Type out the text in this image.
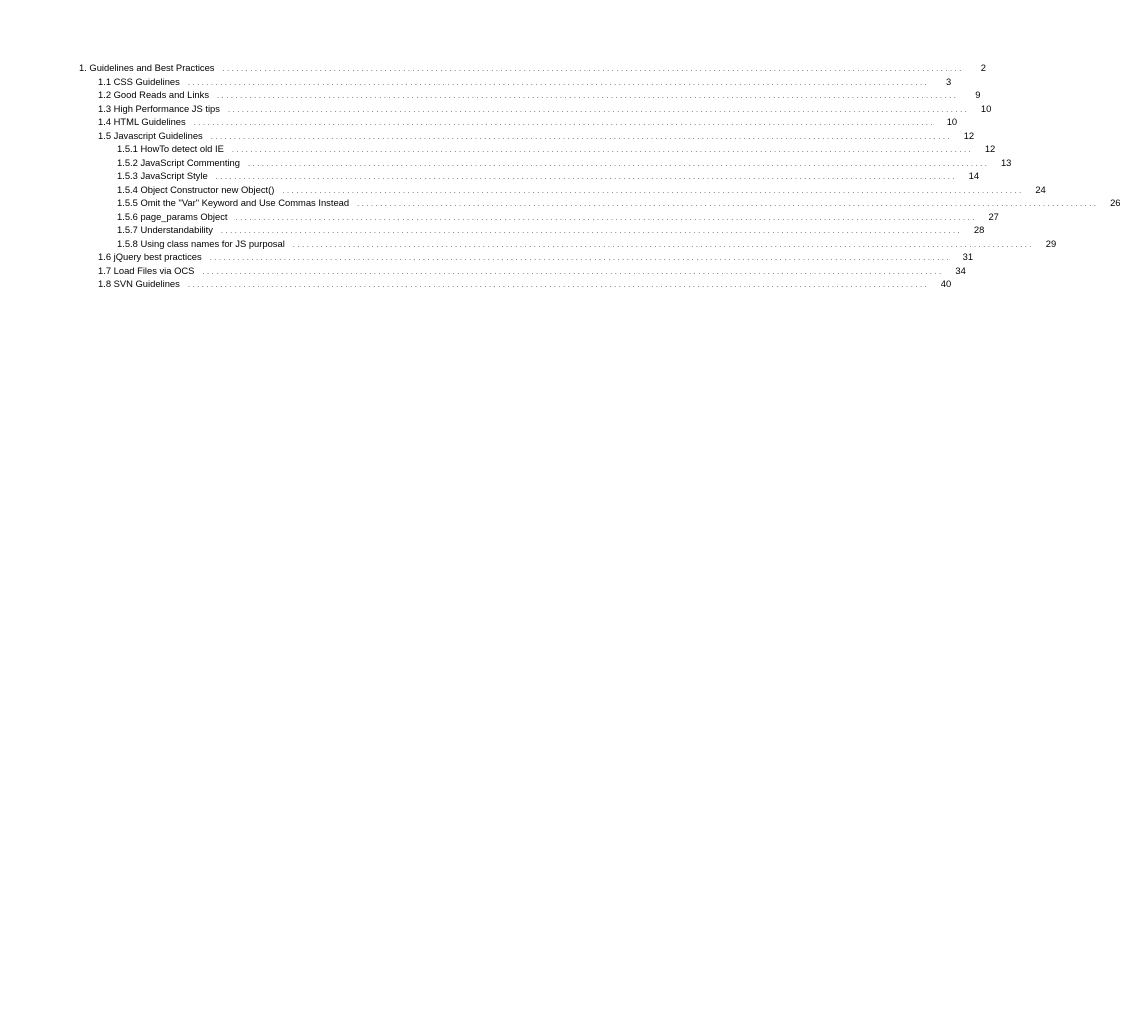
1. Guidelines and Best Practices	................................................................................................................................................................	2
1.1 CSS Guidelines	................................................................................................................................................................	3
1.2 Good Reads and Links	................................................................................................................................................................	9
1.3 High Performance JS tips	................................................................................................................................................................	10
1.4 HTML Guidelines	................................................................................................................................................................	10
1.5 Javascript Guidelines	................................................................................................................................................................	12
1.5.1 HowTo detect old IE	................................................................................................................................................................	12
1.5.2 JavaScript Commenting	................................................................................................................................................................	13
1.5.3 JavaScript Style	................................................................................................................................................................	14
1.5.4 Object Constructor new Object()	................................................................................................................................................................	24
1.5.5 Omit the "Var" Keyword and Use Commas Instead	................................................................................................................................................................	26
1.5.6 page_params Object	................................................................................................................................................................	27
1.5.7 Understandability	................................................................................................................................................................	28
1.5.8 Using class names for JS purposal	................................................................................................................................................................	29
1.6 jQuery best practices	................................................................................................................................................................	31
1.7 Load Files via OCS	................................................................................................................................................................	34
1.8 SVN Guidelines	................................................................................................................................................................	40
